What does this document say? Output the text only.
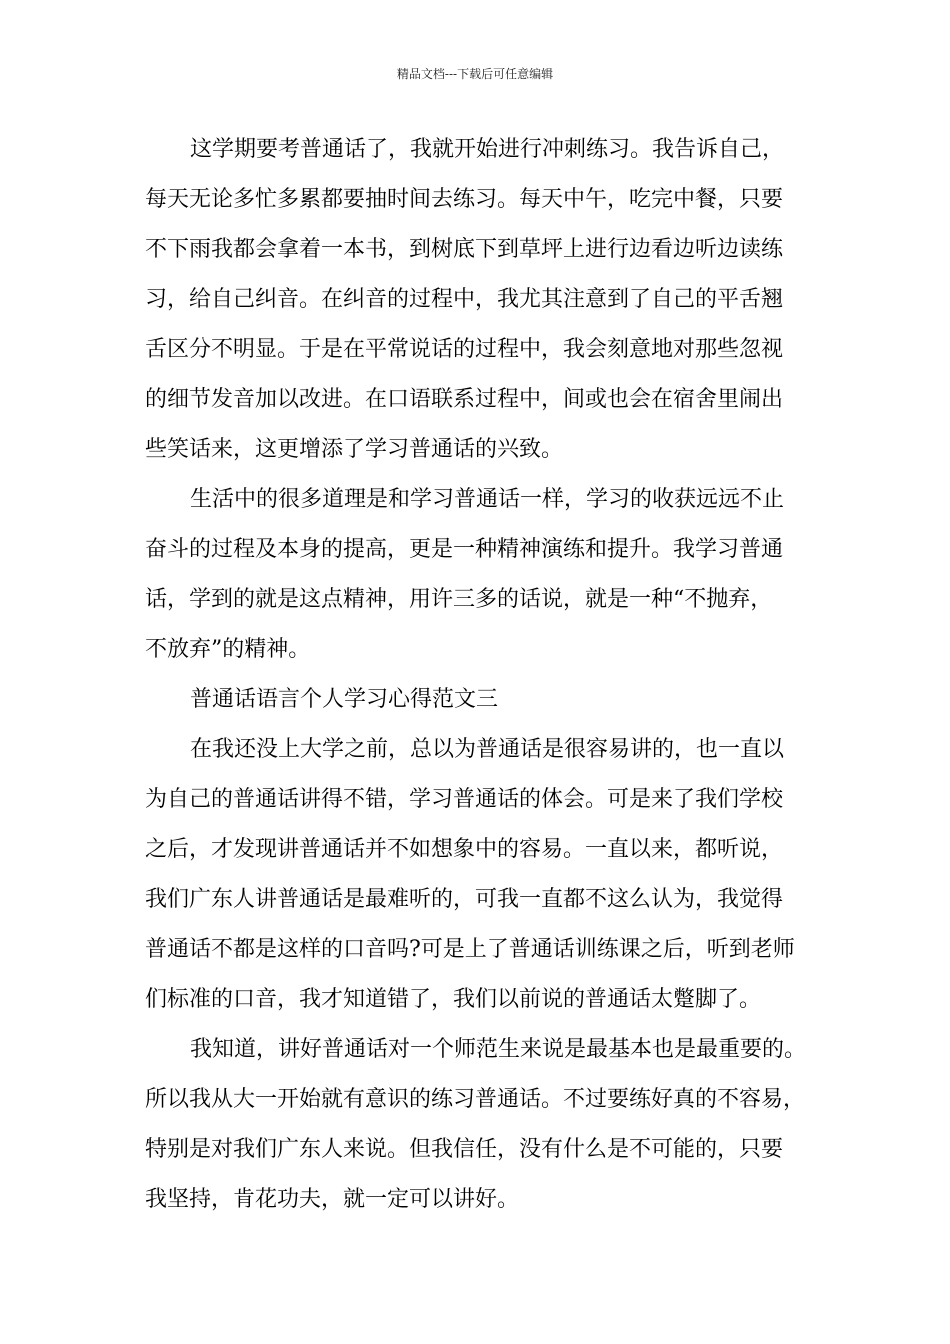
精品文档---下载后可任意编辑
这学期要考普通话了，我就开始进行冲刺练习。我告诉自己，
每天无论多忙多累都要抽时间去练习。每天中午，吃完中餐，只要
不下雨我都会拿着一本书，到树底下到草坪上进行边看边听边读练
习，给自己纠音。在纠音的过程中，我尤其注意到了自己的平舌翘
舌区分不明显。于是在平常说话的过程中，我会刻意地对那些忽视
的细节发音加以改进。在口语联系过程中，间或也会在宿舍里闹出
些笑话来，这更增添了学习普通话的兴致。
生活中的很多道理是和学习普通话一样，学习的收获远远不止
奋斗的过程及本身的提高，更是一种精神演练和提升。我学习普通
话，学到的就是这点精神，用许三多的话说，就是一种“不抛弃，
不放弃”的精神。
普通话语言个人学习心得范文三
在我还没上大学之前，总以为普通话是很容易讲的，也一直以
为自己的普通话讲得不错，学习普通话的体会。可是来了我们学校
之后，才发现讲普通话并不如想象中的容易。一直以来，都听说，
我们广东人讲普通话是最难听的，可我一直都不这么认为，我觉得
普通话不都是这样的口音吗?可是上了普通话训练课之后，听到老师
们标准的口音，我才知道错了，我们以前说的普通话太蹩脚了。
我知道，讲好普通话对一个师范生来说是最基本也是最重要的。
所以我从大一开始就有意识的练习普通话。不过要练好真的不容易，
特别是对我们广东人来说。但我信任，没有什么是不可能的，只要
我坚持，肯花功夫，就一定可以讲好。
